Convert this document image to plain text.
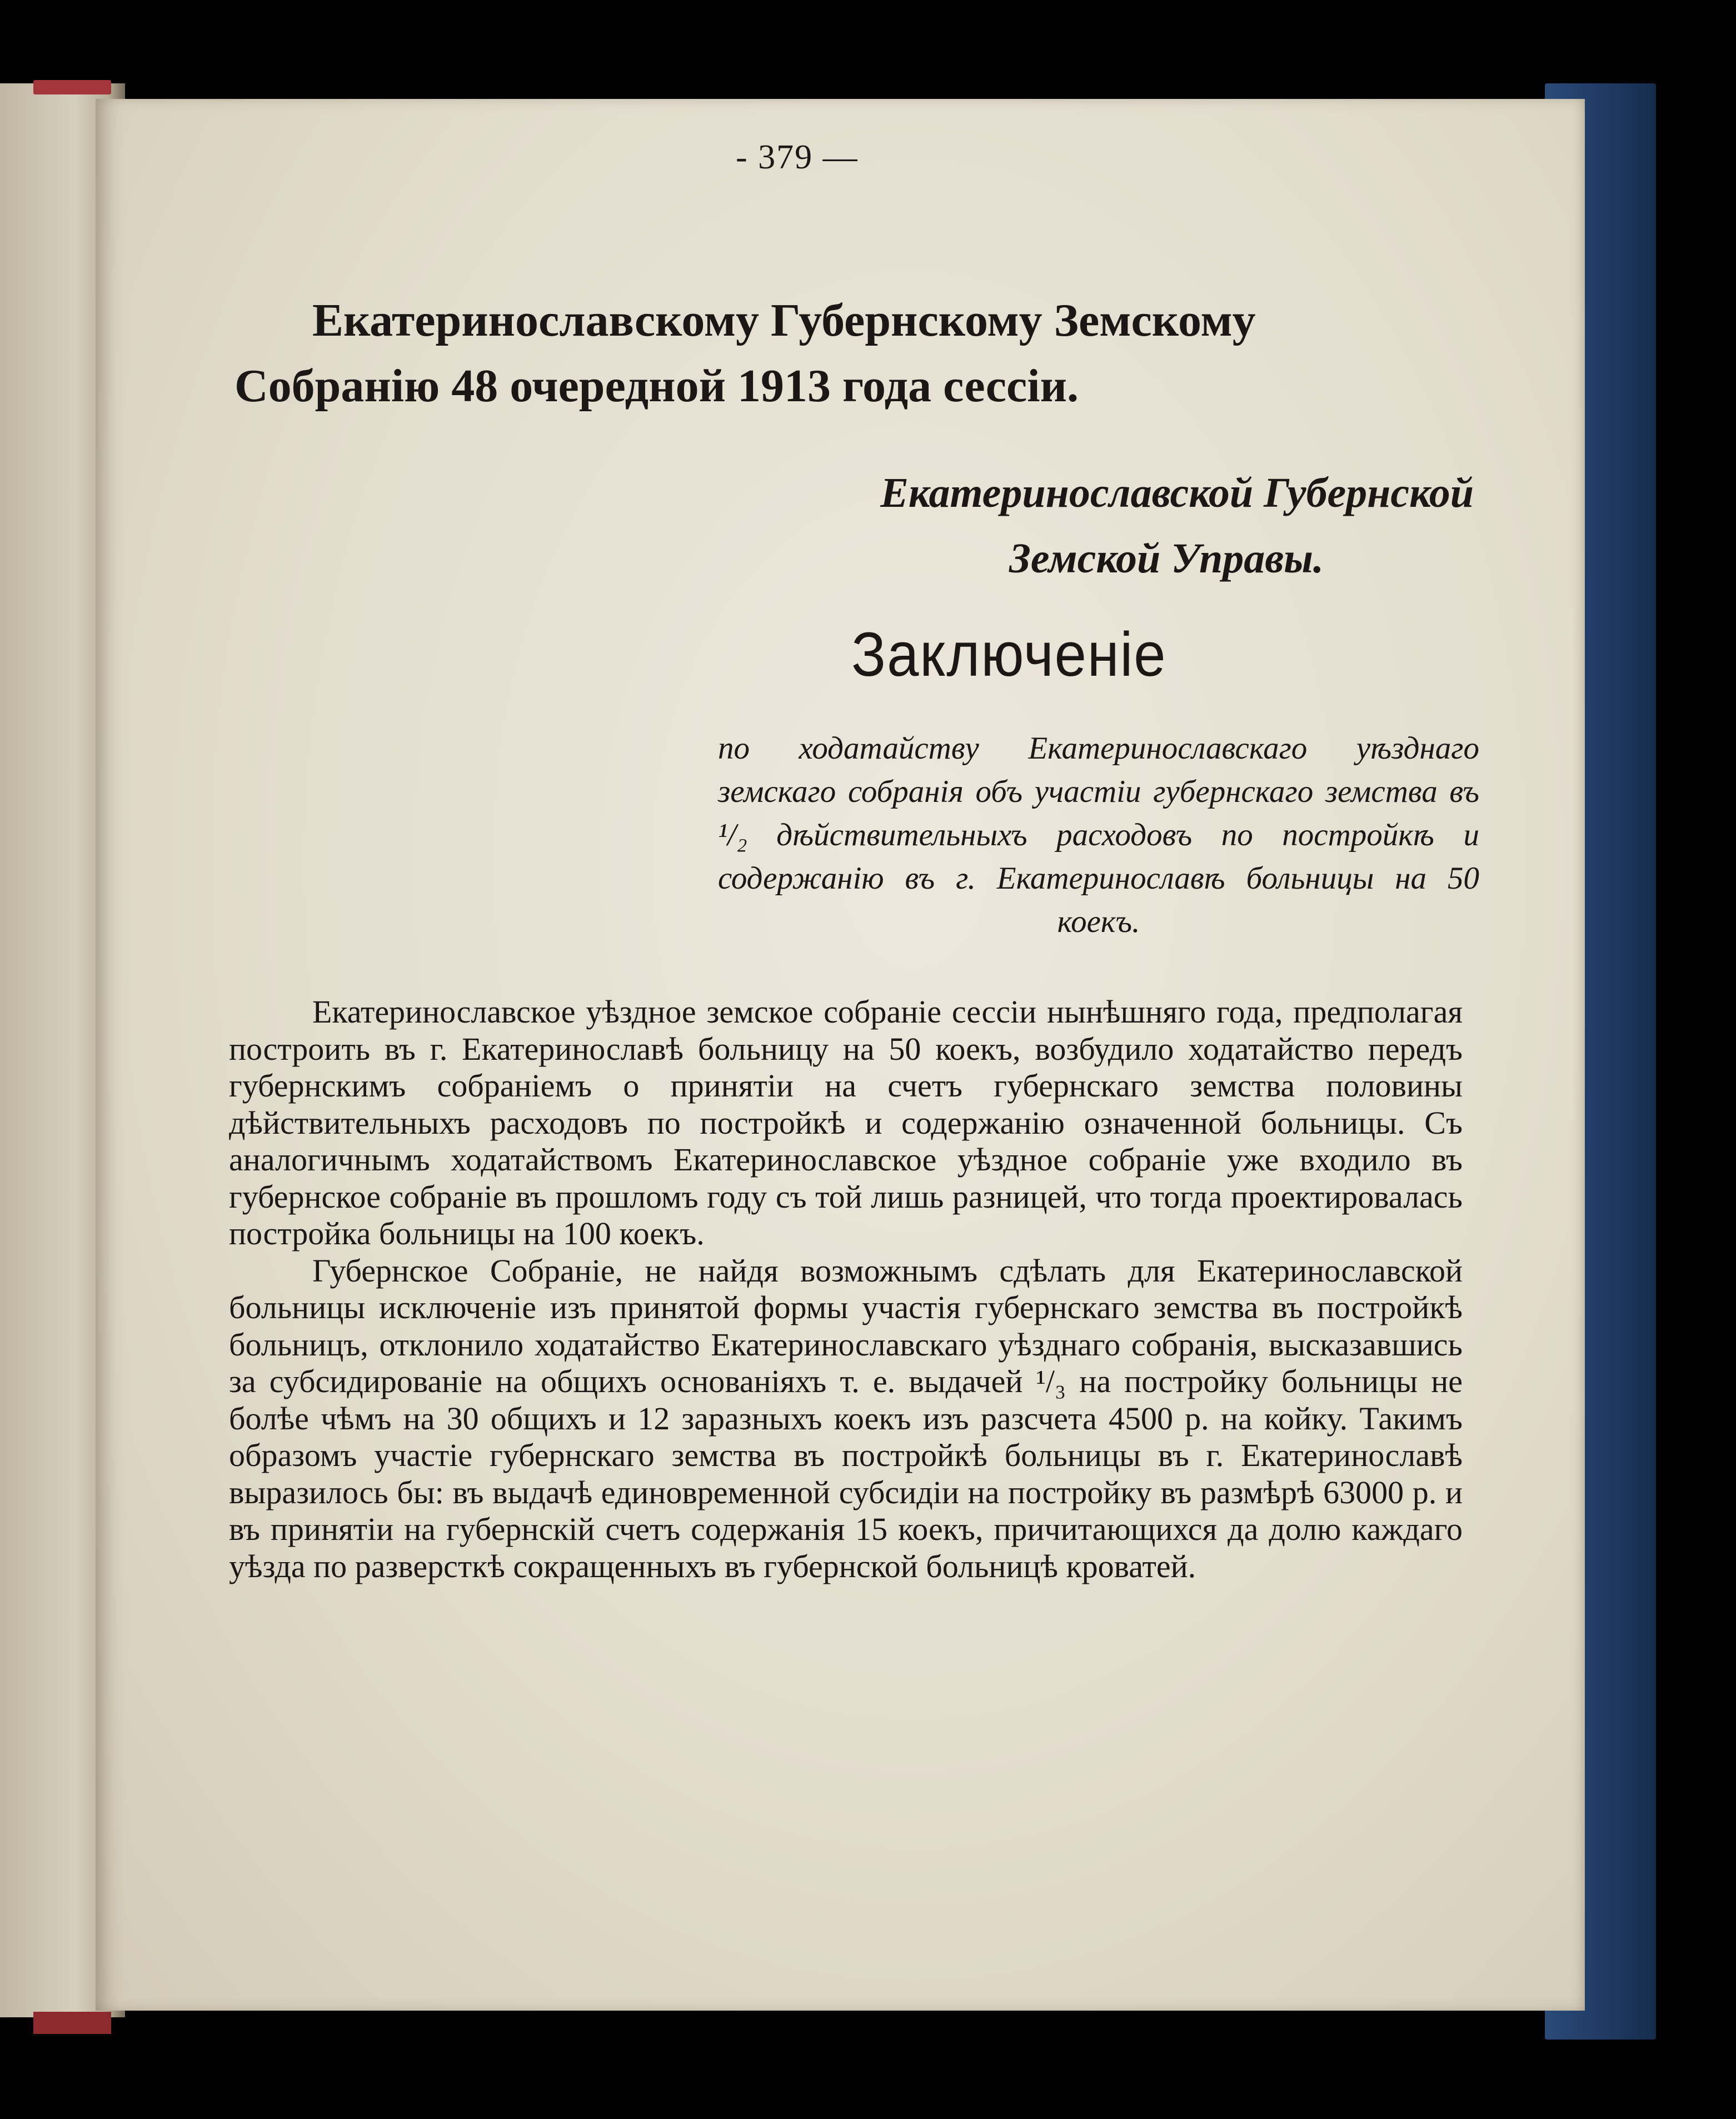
- 379 —
Екатеринославскому Губернскому Земскому
Собранію 48 очередной 1913 года сессіи.
Екатеринославской Губернской
Земской Управы.
Заключеніе
по ходатайству Екатеринославскаго уѣзднаго земскаго собранія объ участіи губернскаго земства въ ¹/₂ дѣйствительныхъ расходовъ по постройкѣ и содержанію въ г. Екатеринославѣ больницы на 50 коекъ.

Екатеринославское уѣздное земское собраніе сессіи нынѣшняго года, предполагая построить въ г. Екатеринославѣ больницу на 50 коекъ, возбудило ходатайство передъ губернскимъ собраніемъ о принятіи на счетъ губернскаго земства половины дѣйствительныхъ расходовъ по постройкѣ и содержанію означенной больницы. Съ аналогичнымъ ходатайствомъ Екатеринославское уѣздное собраніе уже входило въ губернское собраніе въ прошломъ году съ той лишь разницей, что тогда проектировалась постройка больницы на 100 коекъ.

Губернское Собраніе, не найдя возможнымъ сдѣлать для Екатеринославской больницы исключеніе изъ принятой формы участія губернскаго земства въ постройкѣ больницъ, отклонило ходатайство Екатеринославскаго уѣзднаго собранія, высказавшись за субсидированіе на общихъ основаніяхъ т. е. выдачей ¹/₃ на постройку больницы не болѣе чѣмъ на 30 общихъ и 12 заразныхъ коекъ изъ разсчета 4500 р. на койку. Такимъ образомъ участіе губернскаго земства въ постройкѣ больницы въ г. Екатеринославѣ выразилось бы: въ выдачѣ единовременной субсидіи на постройку въ размѣрѣ 63000 р. и въ принятіи на губернскій счетъ содержанія 15 коекъ, причитающихся да долю каждаго уѣзда по разверсткѣ сокращенныхъ въ губернской больницѣ кроватей.
